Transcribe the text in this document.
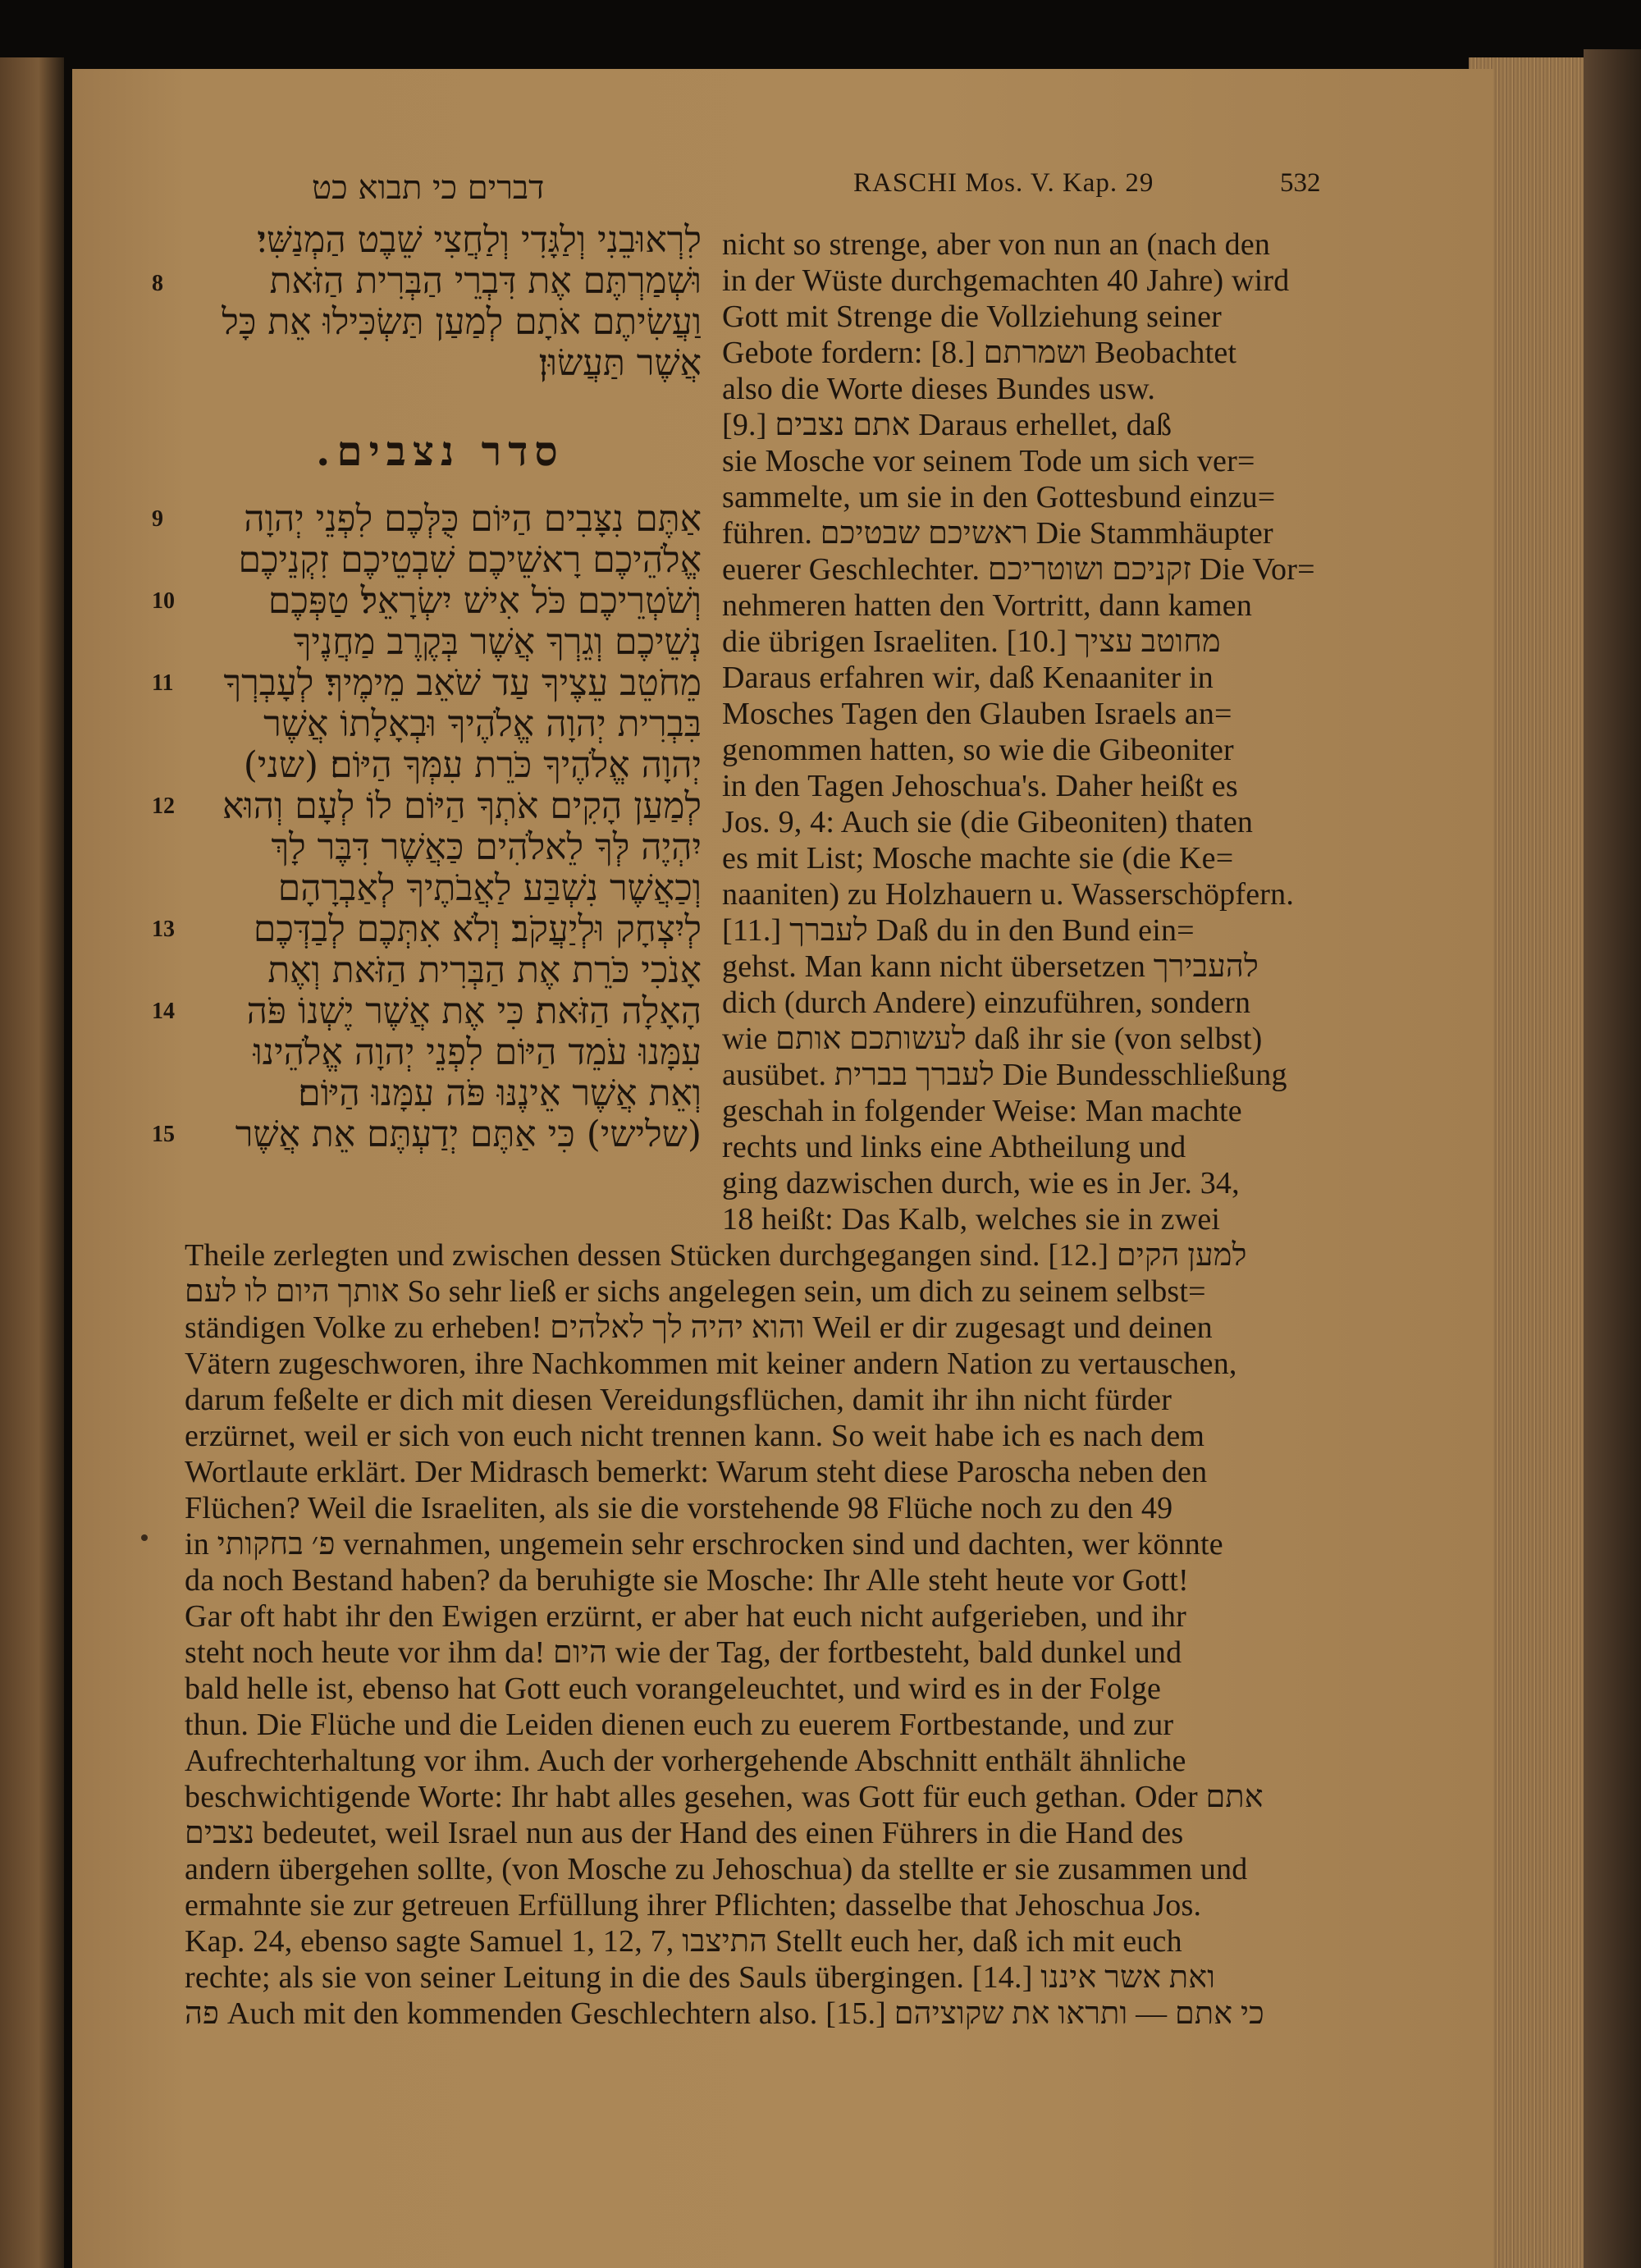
דברים כי תבוא כט	RASCHI Mos. V. Kap. 29	532
לִרְאוּבֵנִי וְלַגָּדִי וְלַחֲצִי שֵׁבֶט הַמְנַשִּׁי׃
וּשְׁמַרְתֶּם אֶת דִּבְרֵי הַבְּרִית הַזֹּאת
וַעֲשִׂיתֶם אֹתָם לְמַעַן תַּשְׂכִּילוּ אֵת כָּל
אֲשֶׁר תַּעֲשׂוּן׃
אַתֶּם נִצָּבִים הַיּוֹם כֻּלְּכֶם לִפְנֵי יְהוָה
אֱלֹהֵיכֶם רָאשֵׁיכֶם שִׁבְטֵיכֶם זִקְנֵיכֶם
וְשֹׁטְרֵיכֶם כֹּל אִישׁ יִשְׂרָאֵל׃ טַפְּכֶם
נְשֵׁיכֶם וְגֵרְךָ אֲשֶׁר בְּקֶרֶב מַחֲנֶיךָ
מֵחֹטֵב עֵצֶיךָ עַד שֹׁאֵב מֵימֶיךָ׃ לְעָבְרְךָ
בִּבְרִית יְהוָה אֱלֹהֶיךָ וּבְאָלָתוֹ אֲשֶׁר
יְהוָה אֱלֹהֶיךָ כֹּרֵת עִמְּךָ הַיּוֹם׃ (שני)
לְמַעַן הָקִים אֹתְךָ הַיּוֹם לוֹ לְעָם וְהוּא
יִהְיֶה לְּךָ לֵאלֹהִים כַּאֲשֶׁר דִּבֶּר לָךְ
וְכַאֲשֶׁר נִשְׁבַּע לַאֲבֹתֶיךָ לְאַבְרָהָם
לְיִצְחָק וּלְיַעֲקֹב׃ וְלֹא אִתְּכֶם לְבַדְּכֶם
אָנֹכִי כֹּרֵת אֶת הַבְּרִית הַזֹּאת וְאֶת
הָאָלָה הַזֹּאת׃ כִּי אֶת אֲשֶׁר יֶשְׁנוֹ פֹּה
עִמָּנוּ עֹמֵד הַיּוֹם לִפְנֵי יְהוָה אֱלֹהֵינוּ
וְאֵת אֲשֶׁר אֵינֶנּוּ פֹּה עִמָּנוּ הַיּוֹם׃
(שלישי) כִּי אַתֶּם יְדַעְתֶּם אֵת אֲשֶׁר
8
9
10
11
12
13
14
15
סדר נצבים.
nicht so strenge, aber von nun an (nach den
in der Wüste durchgemachten 40 Jahre) wird
Gott mit Strenge die Vollziehung seiner
Gebote fordern: [8.] ושמרתם Beobachtet
also die Worte dieses Bundes usw.
[9.] אתם נצבים Daraus erhellet, daß
sie Mosche vor seinem Tode um sich ver=
sammelte, um sie in den Gottesbund einzu=
führen. ראשיכם שבטיכם Die Stammhäupter
euerer Geschlechter. זקניכם ושוטריכם Die Vor=
nehmeren hatten den Vortritt, dann kamen
die übrigen Israeliten. [10.] מחוטב עציך
Daraus erfahren wir, daß Kenaaniter in
Mosches Tagen den Glauben Israels an=
genommen hatten, so wie die Gibeoniter
in den Tagen Jehoschua's. Daher heißt es
Jos. 9, 4: Auch sie (die Gibeoniten) thaten
es mit List; Mosche machte sie (die Ke=
naaniten) zu Holzhauern u. Wasserschöpfern.
[11.] לעברך Daß du in den Bund ein=
gehst. Man kann nicht übersetzen להעבירך
dich (durch Andere) einzuführen, sondern
wie לעשותכם אותם daß ihr sie (von selbst)
ausübet. לעברך בברית Die Bundesschließung
geschah in folgender Weise: Man machte
rechts und links eine Abtheilung und
ging dazwischen durch, wie es in Jer. 34,
18 heißt: Das Kalb, welches sie in zwei
Theile zerlegten und zwischen dessen Stücken durchgegangen sind. [12.] למען הקים
אותך היום לו לעם So sehr ließ er sichs angelegen sein, um dich zu seinem selbst=
ständigen Volke zu erheben! והוא יהיה לך לאלהים Weil er dir zugesagt und deinen
Vätern zugeschworen, ihre Nachkommen mit keiner andern Nation zu vertauschen,
darum feßelte er dich mit diesen Vereidungsflüchen, damit ihr ihn nicht fürder
erzürnet, weil er sich von euch nicht trennen kann. So weit habe ich es nach dem
Wortlaute erklärt. Der Midrasch bemerkt: Warum steht diese Paroscha neben den
Flüchen? Weil die Israeliten, als sie die vorstehende 98 Flüche noch zu den 49
in פ׳ בחקותי vernahmen, ungemein sehr erschrocken sind und dachten, wer könnte
da noch Bestand haben? da beruhigte sie Mosche: Ihr Alle steht heute vor Gott!
Gar oft habt ihr den Ewigen erzürnt, er aber hat euch nicht aufgerieben, und ihr
steht noch heute vor ihm da! היום wie der Tag, der fortbesteht, bald dunkel und
bald helle ist, ebenso hat Gott euch vorangeleuchtet, und wird es in der Folge
thun. Die Flüche und die Leiden dienen euch zu euerem Fortbestande, und zur
Aufrechterhaltung vor ihm. Auch der vorhergehende Abschnitt enthält ähnliche
beschwichtigende Worte: Ihr habt alles gesehen, was Gott für euch gethan. Oder אתם
נצבים bedeutet, weil Israel nun aus der Hand des einen Führers in die Hand des
andern übergehen sollte, (von Mosche zu Jehoschua) da stellte er sie zusammen und
ermahnte sie zur getreuen Erfüllung ihrer Pflichten; dasselbe that Jehoschua Jos.
Kap. 24, ebenso sagte Samuel 1, 12, 7, התיצבו Stellt euch her, daß ich mit euch
rechte; als sie von seiner Leitung in die des Sauls übergingen. [14.] ואת אשר איננו
פה Auch mit den kommenden Geschlechtern also. [15.] כי אתם — ותראו את שקוציהם
